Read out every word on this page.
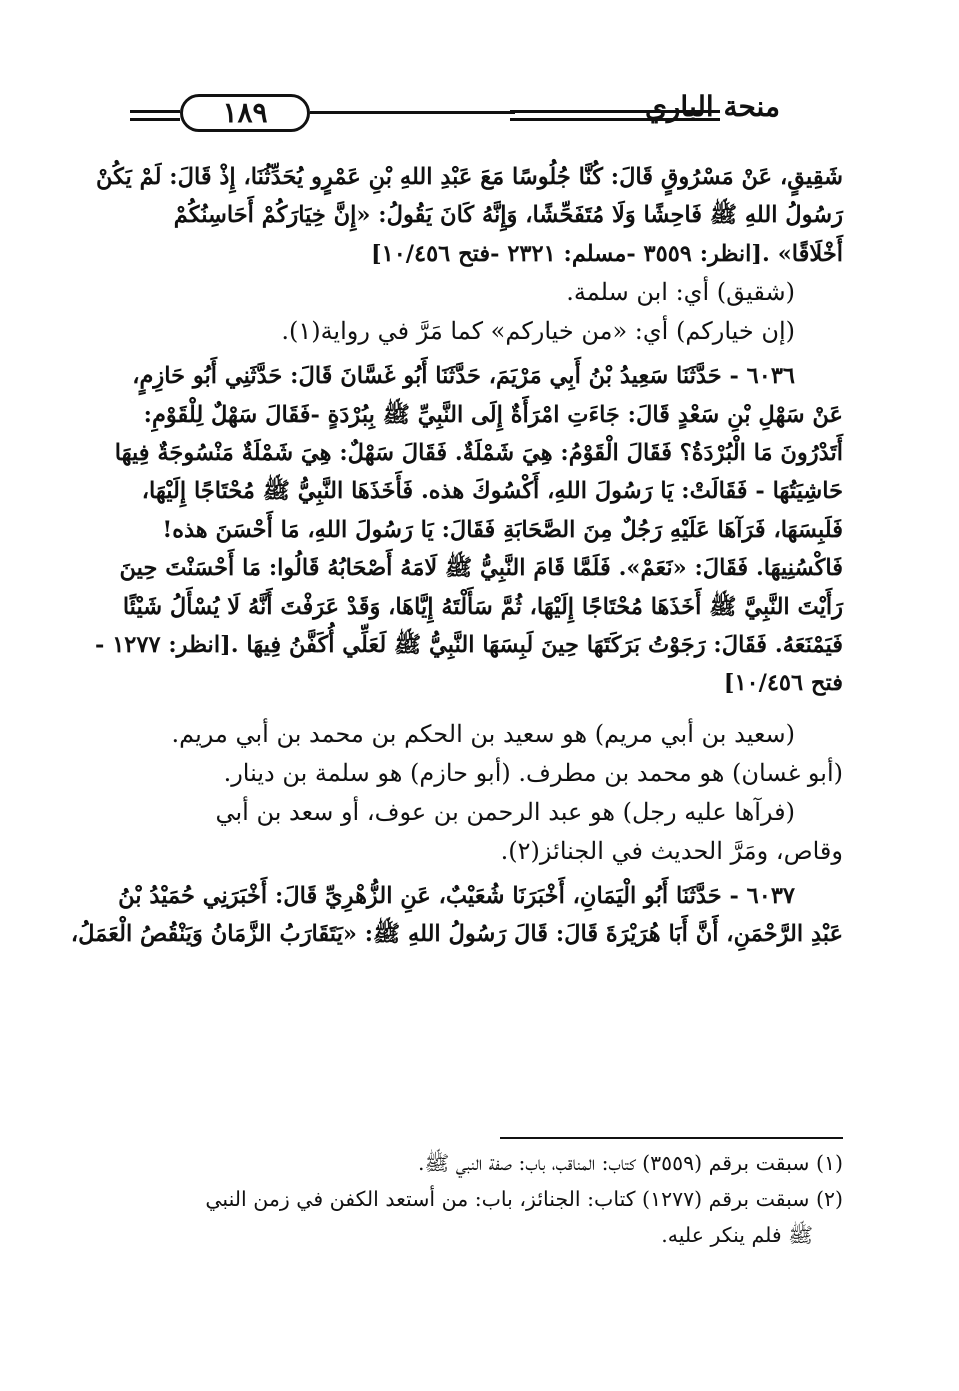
١٨٩	منحة الباري
شَقِيقٍ، عَنْ مَسْرُوقٍ قَالَ: كُنَّا جُلُوسًا مَعَ عَبْدِ اللهِ بْنِ عَمْرٍو يُحَدِّثُنَا، إِذْ قَالَ: لَمْ يَكُنْ
رَسُولُ اللهِ ﷺ فَاحِشًا وَلَا مُتَفَحِّشًا، وَإِنَّهُ كَانَ يَقُولُ: «إِنَّ خِيَارَكُمْ أَحَاسِنُكُمْ
أَخْلَاقًا» .[انظر: ٣٥٥٩ -مسلم: ٢٣٢١ -فتح ١٠/٤٥٦]
(شقيق) أي: ابن سلمة.
(إن خياركم) أي: «من خياركم» كما مَرَّ في رواية(١).
٦٠٣٦ - حَدَّثَنَا سَعِيدُ بْنُ أَبِي مَرْيَمَ، حَدَّثَنَا أَبُو غَسَّانَ قَالَ: حَدَّثَنِي أَبُو حَازِمٍ،
عَنْ سَهْلِ بْنِ سَعْدٍ قَالَ: جَاءَتِ امْرَأَةٌ إِلَى النَّبِيِّ ﷺ بِبُرْدَةٍ -فَقَالَ سَهْلٌ لِلْقَوْمِ:
أَتَدْرُونَ مَا الْبُرْدَةُ؟ فَقَالَ الْقَوْمُ: هِيَ شَمْلَةٌ. فَقَالَ سَهْلٌ: هِيَ شَمْلَةٌ مَنْسُوجَةٌ فِيهَا
حَاشِيَتُهَا - فَقَالَتْ: يَا رَسُولَ اللهِ، أَكْسُوكَ هذه. فَأَخَذَهَا النَّبِيُّ ﷺ مُحْتَاجًا إِلَيْهَا،
فَلَبِسَهَا، فَرَآهَا عَلَيْهِ رَجُلٌ مِنَ الصَّحَابَةِ فَقَالَ: يَا رَسُولَ اللهِ، مَا أَحْسَنَ هذه!
فَاكْسُنِيهَا. فَقَالَ: «نَعَمْ». فَلَمَّا قَامَ النَّبِيُّ ﷺ لَامَهُ أَصْحَابُهُ قَالُوا: مَا أَحْسَنْتَ حِينَ
رَأَيْتَ النَّبِيَّ ﷺ أَخَذَهَا مُحْتَاجًا إِلَيْهَا، ثُمَّ سَأَلْتَهُ إِيَّاهَا، وَقَدْ عَرَفْتَ أَنَّهُ لَا يُسْأَلُ شَيْئًا
فَيَمْنَعَهُ. فَقَالَ: رَجَوْتُ بَرَكَتَهَا حِينَ لَبِسَهَا النَّبِيُّ ﷺ لَعَلِّي أُكَفَّنُ فِيهَا .[انظر: ١٢٧٧ -
فتح ١٠/٤٥٦]
(سعيد بن أبي مريم) هو سعيد بن الحكم بن محمد بن أبي مريم.
(أبو غسان) هو محمد بن مطرف. (أبو حازم) هو سلمة بن دينار.
(فرآها عليه رجل) هو عبد الرحمن بن عوف، أو سعد بن أبي
وقاص، ومَرَّ الحديث في الجنائز(٢).
٦٠٣٧ - حَدَّثَنَا أَبُو الْيَمَانِ، أَخْبَرَنَا شُعَيْبٌ، عَنِ الزُّهْرِيِّ قَالَ: أَخْبَرَنِي حُمَيْدُ بْنُ
عَبْدِ الرَّحْمَنِ، أَنَّ أَبَا هُرَيْرَةَ قَالَ: قَالَ رَسُولُ اللهِ ﷺ: «يَتَقَارَبُ الزَّمَانُ وَيَنْقُصُ الْعَمَلُ،
(١) سبقت برقم (٣٥٥٩) كتاب: المناقب، باب: صفة النبي ﷺ.
(٢) سبقت برقم (١٢٧٧) كتاب: الجنائز، باب: من أستعد الكفن في زمن النبي
ﷺ فلم ينكر عليه.
